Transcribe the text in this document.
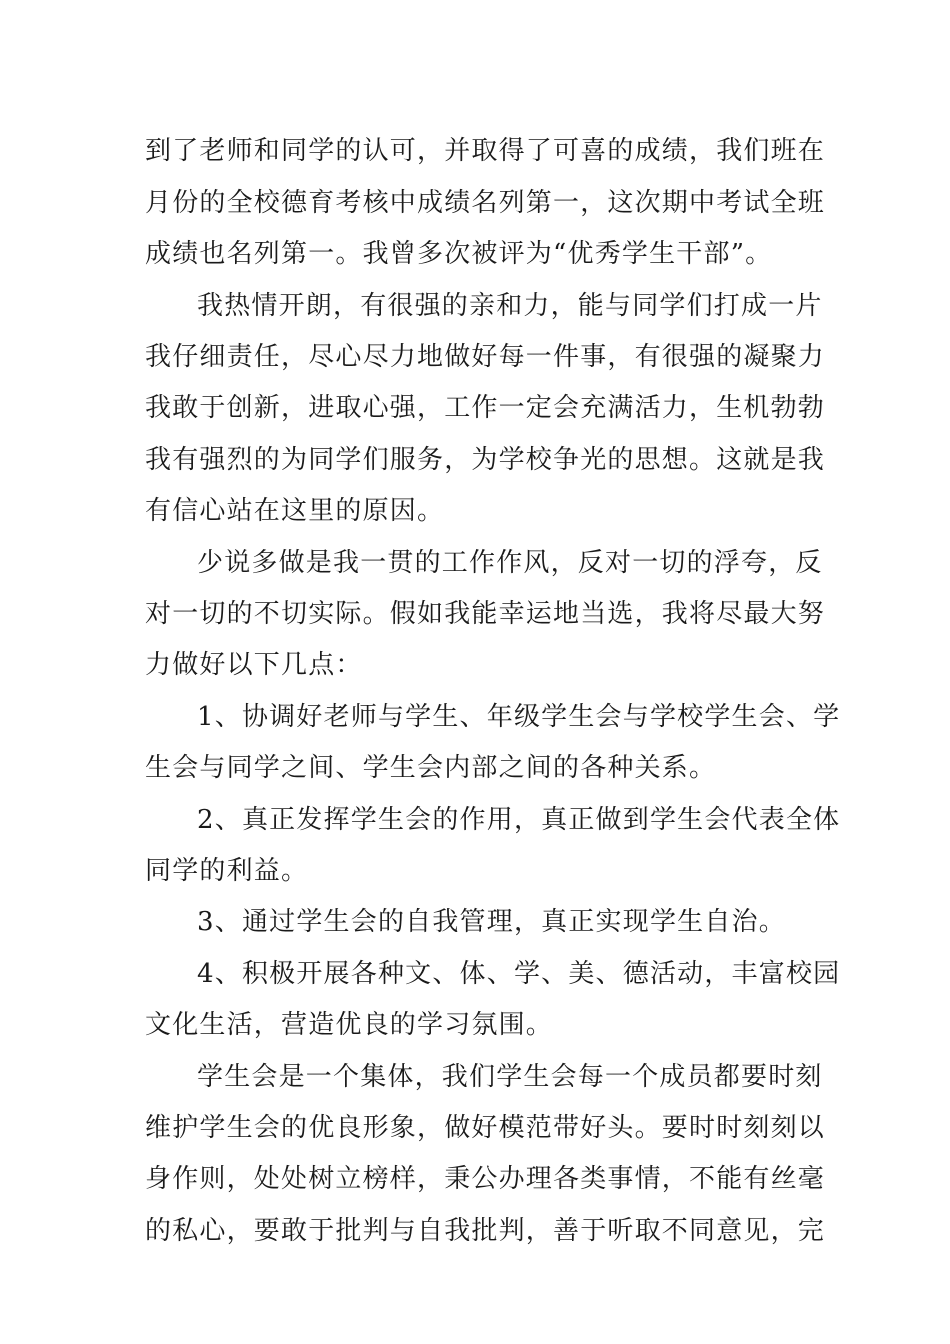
到了老师和同学的认可，并取得了可喜的成绩，我们班在
月份的全校德育考核中成绩名列第一，这次期中考试全班
成绩也名列第一。我曾多次被评为“优秀学生干部”。
我热情开朗，有很强的亲和力，能与同学们打成一片
我仔细责任，尽心尽力地做好每一件事，有很强的凝聚力
我敢于创新，进取心强，工作一定会充满活力，生机勃勃
我有强烈的为同学们服务，为学校争光的思想。这就是我
有信心站在这里的原因。
少说多做是我一贯的工作作风，反对一切的浮夸，反
对一切的不切实际。假如我能幸运地当选，我将尽最大努
力做好以下几点：
1、协调好老师与学生、年级学生会与学校学生会、学
生会与同学之间、学生会内部之间的各种关系。
2、真正发挥学生会的作用，真正做到学生会代表全体
同学的利益。
3、通过学生会的自我管理，真正实现学生自治。
4、积极开展各种文、体、学、美、德活动，丰富校园
文化生活，营造优良的学习氛围。
学生会是一个集体，我们学生会每一个成员都要时刻
维护学生会的优良形象，做好模范带好头。要时时刻刻以
身作则，处处树立榜样，秉公办理各类事情，不能有丝毫
的私心，要敢于批判与自我批判，善于听取不同意见，完
